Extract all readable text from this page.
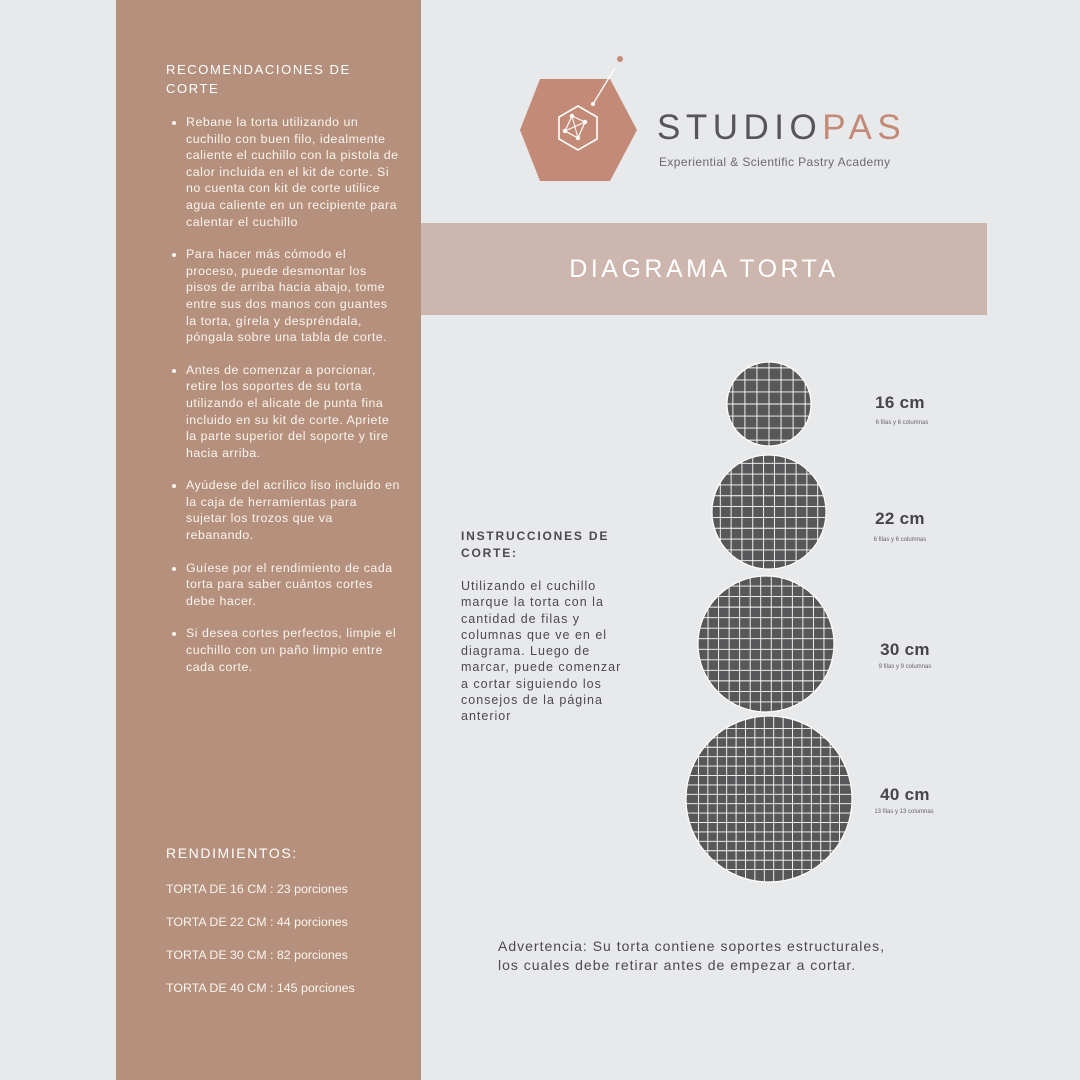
RECOMENDACIONES DE CORTE
• Rebane la torta utilizando un cuchillo con buen filo, idealmente caliente el cuchillo con la pistola de calor incluida en el kit de corte. Si no cuenta con kit de corte utilice agua caliente en un recipiente para calentar el cuchillo
• Para hacer más cómodo el proceso, puede desmontar los pisos de arriba hacia abajo, tome entre sus dos manos con guantes la torta, gírela y despréndala, póngala sobre una tabla de corte.
• Antes de comenzar a porcionar, retire los soportes de su torta utilizando el alicate de punta fina incluido en su kit de corte. Apriete la parte superior del soporte y tire hacia arriba.
• Ayúdese del acrílico liso incluido en la caja de herramientas para sujetar los trozos que va rebanando.
• Guíese por el rendimiento de cada torta para saber cuántos cortes debe hacer.
• Si desea cortes perfectos, limpie el cuchillo con un paño limpio entre cada corte.
RENDIMIENTOS:
TORTA DE 16 CM : 23 porciones
TORTA DE 22 CM : 44 porciones
TORTA DE 30 CM : 82 porciones
TORTA DE 40 CM : 145 porciones
STUDIOPAS
Experiential & Scientific Pastry Academy
DIAGRAMA TORTA
INSTRUCCIONES DE CORTE:
Utilizando el cuchillo marque la torta con la cantidad de filas y columnas que ve en el diagrama. Luego de marcar, puede comenzar a cortar siguiendo los consejos de la página anterior
16 cm
6 filas y 6 columnas
22 cm
6 filas y 6 columnas
30 cm
9 filas y 9 columnas
40 cm
13 filas y 13 columnas
Advertencia: Su torta contiene soportes estructurales, los cuales debe retirar antes de empezar a cortar.
